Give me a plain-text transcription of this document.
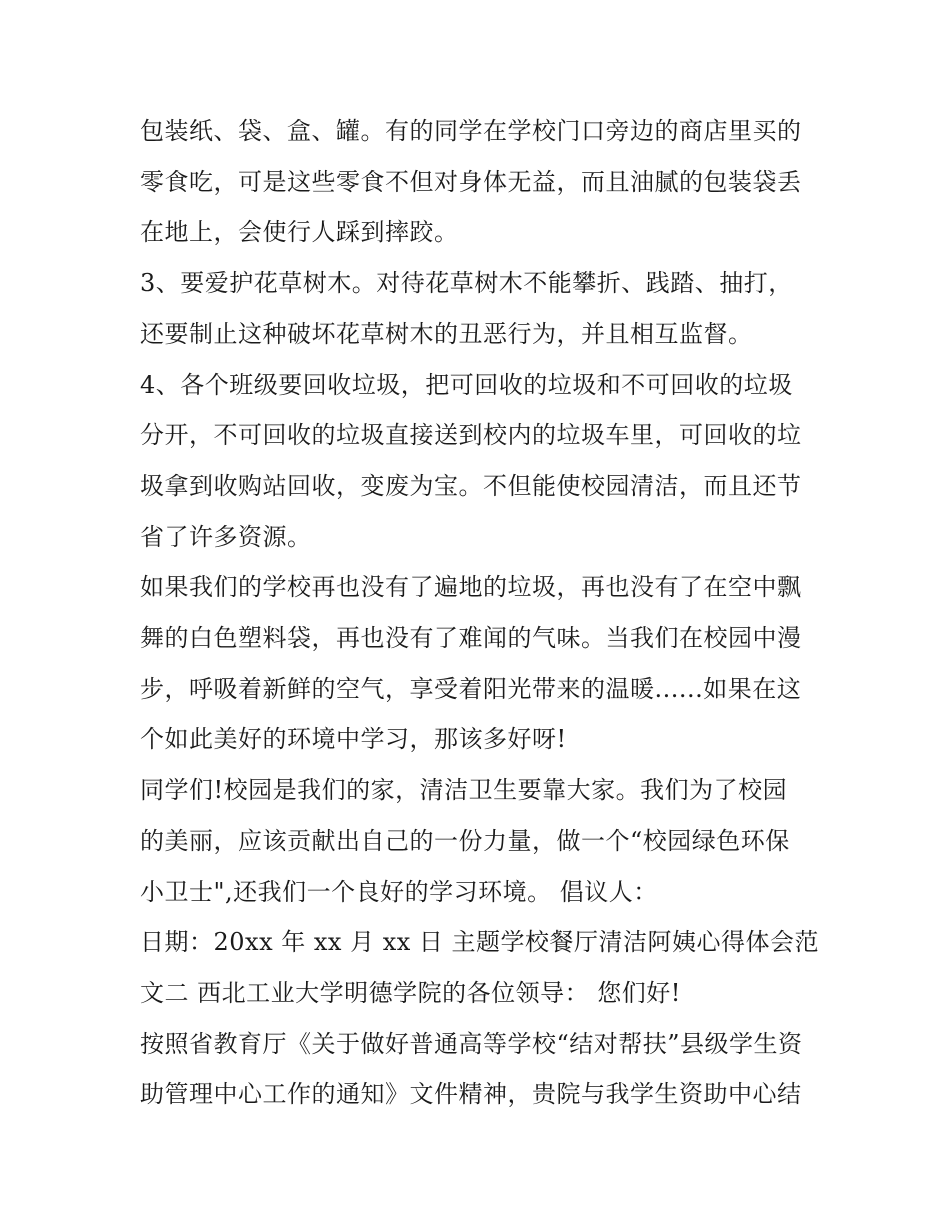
包装纸、袋、盒、罐。有的同学在学校门口旁边的商店里买的
零食吃，可是这些零食不但对身体无益，而且油腻的包装袋丢
在地上，会使行人踩到摔跤。
3、要爱护花草树木。对待花草树木不能攀折、践踏、抽打，
还要制止这种破坏花草树木的丑恶行为，并且相互监督。
4、各个班级要回收垃圾，把可回收的垃圾和不可回收的垃圾
分开，不可回收的垃圾直接送到校内的垃圾车里，可回收的垃
圾拿到收购站回收，变废为宝。不但能使校园清洁，而且还节
省了许多资源。
如果我们的学校再也没有了遍地的垃圾，再也没有了在空中飘
舞的白色塑料袋，再也没有了难闻的气味。当我们在校园中漫
步，呼吸着新鲜的空气，享受着阳光带来的温暖......如果在这
个如此美好的环境中学习，那该多好呀!
同学们!校园是我们的家，清洁卫生要靠大家。我们为了校园
的美丽，应该贡献出自己的一份力量，做一个“校园绿色环保
小卫士",还我们一个良好的学习环境。 倡议人：
日期：20xx 年 xx 月 xx 日 主题学校餐厅清洁阿姨心得体会范
文二 西北工业大学明德学院的各位领导： 您们好!
按照省教育厅《关于做好普通高等学校“结对帮扶”县级学生资
助管理中心工作的通知》文件精神，贵院与我学生资助中心结
